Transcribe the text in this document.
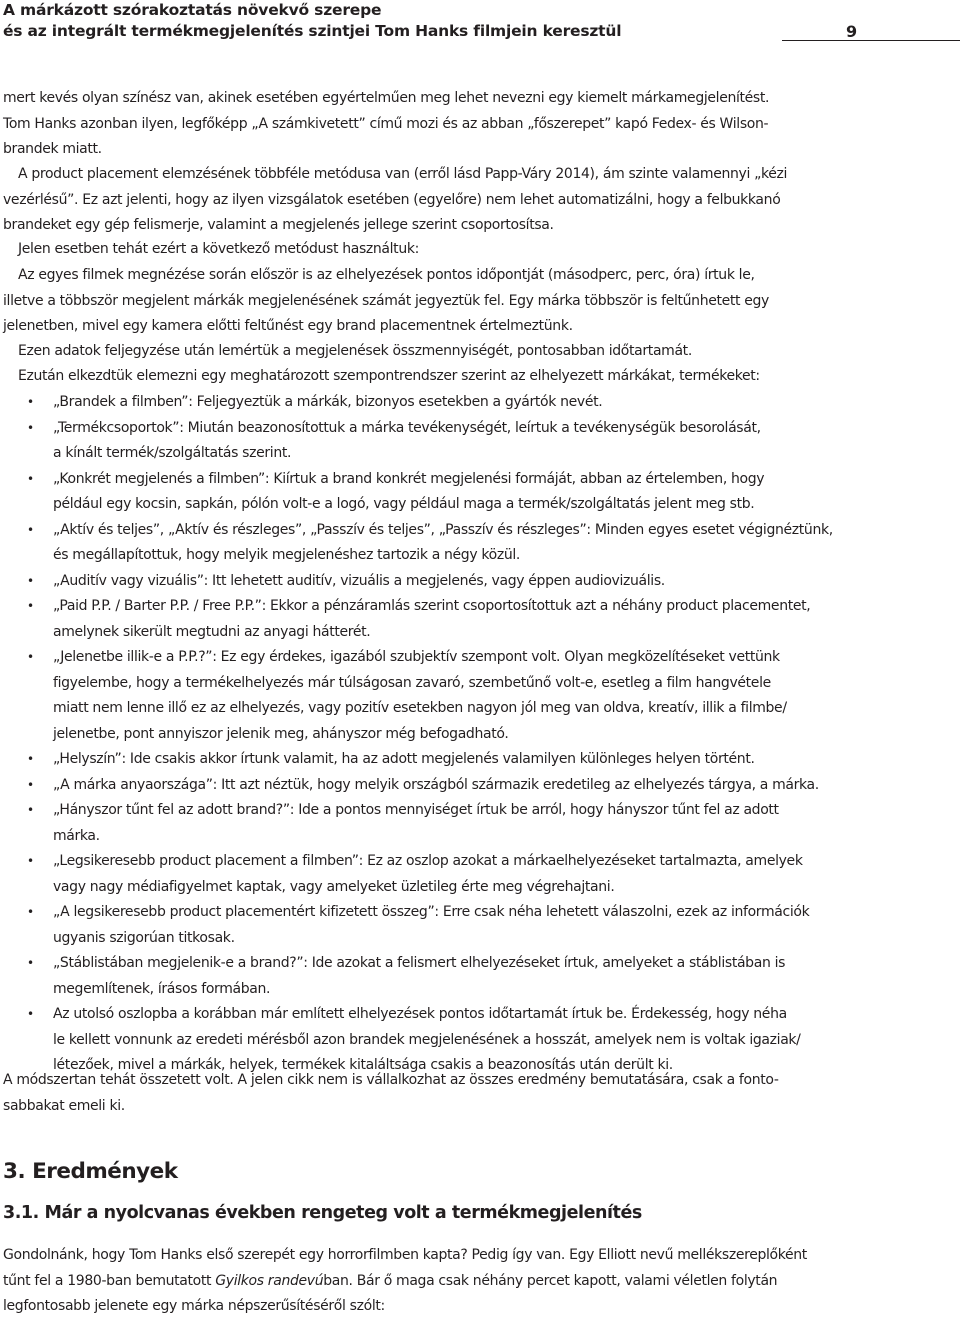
A márkázott szórakoztatás növekvő szerepe
és az integrált termékmegjelenítés szintjei Tom Hanks filmjein keresztül	9
mert kevés olyan színész van, akinek esetében egyértelműen meg lehet nevezni egy kiemelt márkamegjelenítést.
Tom Hanks azonban ilyen, legfőképp „A számkivetett” című mozi és az abban „főszerepet” kapó Fedex- és Wilson-
brandek miatt.
A product placement elemzésének többféle metódusa van (erről lásd Papp-Váry 2014), ám szinte valamennyi „kézi
vezérlésű”. Ez azt jelenti, hogy az ilyen vizsgálatok esetében (egyelőre) nem lehet automatizálni, hogy a felbukkanó
brandeket egy gép felismerje, valamint a megjelenés jellege szerint csoportosítsa.
Jelen esetben tehát ezért a következő metódust használtuk:
Az egyes filmek megnézése során először is az elhelyezések pontos időpontját (másodperc, perc, óra) írtuk le,
illetve a többször megjelent márkák megjelenésének számát jegyeztük fel. Egy márka többször is feltűnhetett egy
jelenetben, mivel egy kamera előtti feltűnést egy brand placementnek értelmeztünk.
Ezen adatok feljegyzése után lemértük a megjelenések összmennyiségét, pontosabban időtartamát.
Ezután elkezdtük elemezni egy meghatározott szempontrendszer szerint az elhelyezett márkákat, termékeket:
• „Brandek a filmben”: Feljegyeztük a márkák, bizonyos esetekben a gyártók nevét.
• „Termékcsoportok”: Miután beazonosítottuk a márka tevékenységét, leírtuk a tevékenységük besorolását,
a kínált termék/szolgáltatás szerint.
• „Konkrét megjelenés a filmben”: Kiírtuk a brand konkrét megjelenési formáját, abban az értelemben, hogy
például egy kocsin, sapkán, pólón volt-e a logó, vagy például maga a termék/szolgáltatás jelent meg stb.
• „Aktív és teljes”, „Aktív és részleges”, „Passzív és teljes”, „Passzív és részleges”: Minden egyes esetet végignéztünk,
és megállapítottuk, hogy melyik megjelenéshez tartozik a négy közül.
• „Auditív vagy vizuális”: Itt lehetett auditív, vizuális a megjelenés, vagy éppen audiovizuális.
• „Paid P.P. / Barter P.P. / Free P.P.”: Ekkor a pénzáramlás szerint csoportosítottuk azt a néhány product placementet,
amelynek sikerült megtudni az anyagi hátterét.
• „Jelenetbe illik-e a P.P.?”: Ez egy érdekes, igazából szubjektív szempont volt. Olyan megközelítéseket vettünk
figyelembe, hogy a termékelhelyezés már túlságosan zavaró, szembetűnő volt-e, esetleg a film hangvétele
miatt nem lenne illő ez az elhelyezés, vagy pozitív esetekben nagyon jól meg van oldva, kreatív, illik a filmbe/
jelenetbe, pont annyiszor jelenik meg, ahányszor még befogadható.
• „Helyszín”: Ide csakis akkor írtunk valamit, ha az adott megjelenés valamilyen különleges helyen történt.
• „A márka anyaországa”: Itt azt néztük, hogy melyik országból származik eredetileg az elhelyezés tárgya, a márka.
• „Hányszor tűnt fel az adott brand?”: Ide a pontos mennyiséget írtuk be arról, hogy hányszor tűnt fel az adott
márka.
• „Legsikeresebb product placement a filmben”: Ez az oszlop azokat a márkaelhelyezéseket tartalmazta, amelyek
vagy nagy médiafigyelmet kaptak, vagy amelyeket üzletileg érte meg végrehajtani.
• „A legsikeresebb product placementért kifizetett összeg”: Erre csak néha lehetett válaszolni, ezek az információk
ugyanis szigorúan titkosak.
• „Stáblistában megjelenik-e a brand?”: Ide azokat a felismert elhelyezéseket írtuk, amelyeket a stáblistában is
megemlítenek, írásos formában.
• Az utolsó oszlopba a korábban már említett elhelyezések pontos időtartamát írtuk be. Érdekesség, hogy néha
le kellett vonnunk az eredeti mérésből azon brandek megjelenésének a hosszát, amelyek nem is voltak igaziak/
létezőek, mivel a márkák, helyek, termékek kitaláltsága csakis a beazonosítás után derült ki.
A módszertan tehát összetett volt. A jelen cikk nem is vállalkozhat az összes eredmény bemutatására, csak a fonto-
sabbakat emeli ki.
3. Eredmények
3.1. Már a nyolcvanas években rengeteg volt a termékmegjelenítés
Gondolnánk, hogy Tom Hanks első szerepét egy horrorfilmben kapta? Pedig így van. Egy Elliott nevű mellékszereplőként
tűnt fel a 1980-ban bemutatott Gyilkos randevúban. Bár ő maga csak néhány percet kapott, valami véletlen folytán
legfontosabb jelenete egy márka népszerűsítéséről szólt:
